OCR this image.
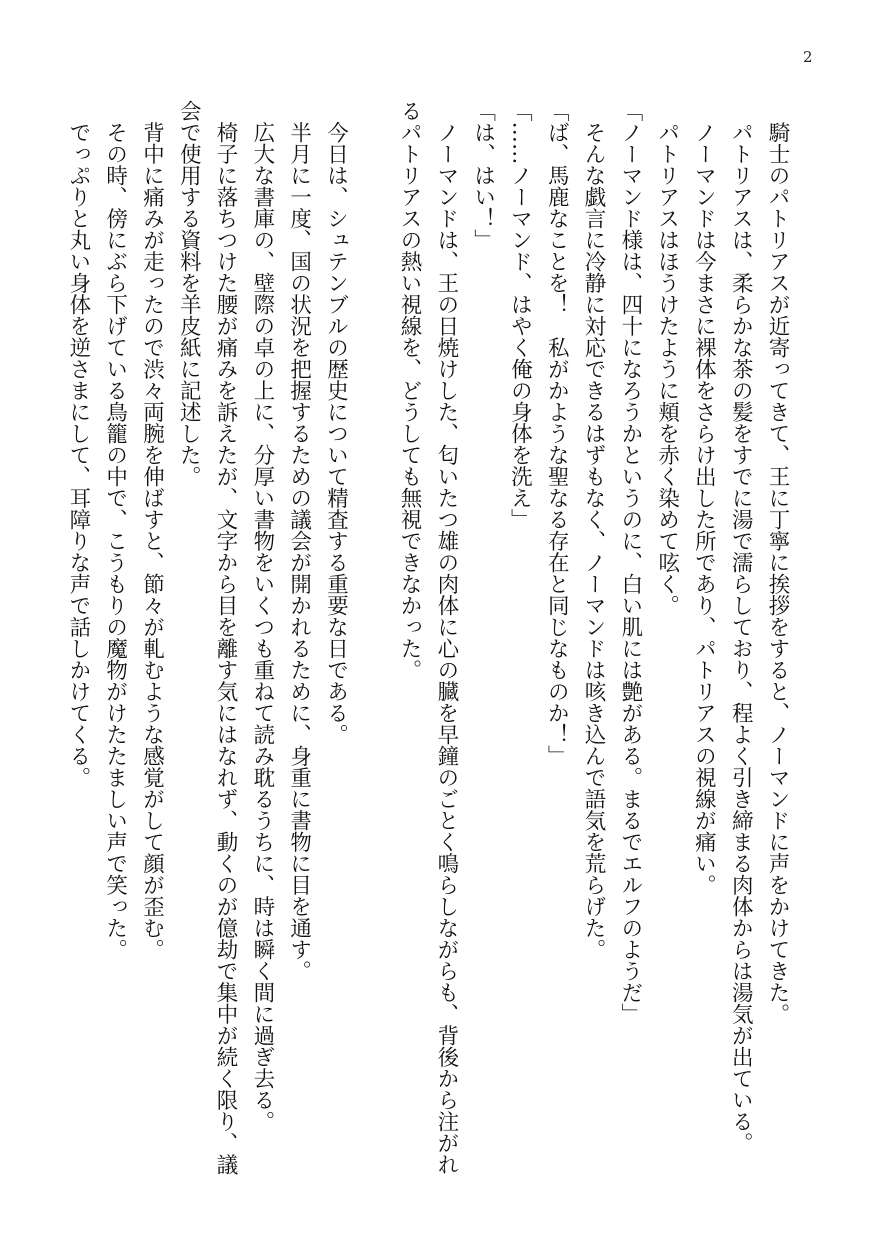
2
　騎士のパトリアスが近寄ってきて、王に丁寧に挨拶をすると、ノーマンドに声をかけてきた。
　パトリアスは、柔らかな茶の髪をすでに湯で濡らしており、程よく引き締まる肉体からは湯気が出ている。
　ノーマンドは今まさに裸体をさらけ出した所であり、パトリアスの視線が痛い。
　パトリアスはほうけたように頬を赤く染めて呟く。
「ノーマンド様は、四十になろうかというのに、白い肌には艶がある。まるでエルフのようだ」
　そんな戯言に冷静に対応できるはずもなく、ノーマンドは咳き込んで語気を荒らげた。
「ば、馬鹿なことを！　私がかような聖なる存在と同じなものか！」
「……ノーマンド、はやく俺の身体を洗え」
「は、はい！」
　ノーマンドは、王の日焼けした、匂いたつ雄の肉体に心の臓を早鐘のごとく鳴らしながらも、背後から注がれるパトリアスの熱い視線を、どうしても無視できなかった。

　今日は、シュテンブルの歴史について精査する重要な日である。
　半月に一度、国の状況を把握するための議会が開かれるために、身重に書物に目を通す。
　広大な書庫の、壁際の卓の上に、分厚い書物をいくつも重ねて読み耽るうちに、時は瞬く間に過ぎ去る。
　椅子に落ちつけた腰が痛みを訴えたが、文字から目を離す気にはなれず、動くのが億劫で集中が続く限り、議会で使用する資料を羊皮紙に記述した。
　背中に痛みが走ったので渋々両腕を伸ばすと、節々が軋むような感覚がして顔が歪む。
　その時、傍にぶら下げている鳥籠の中で、こうもりの魔物がけたたましい声で笑った。
　でっぷりと丸い身体を逆さまにして、耳障りな声で話しかけてくる。
